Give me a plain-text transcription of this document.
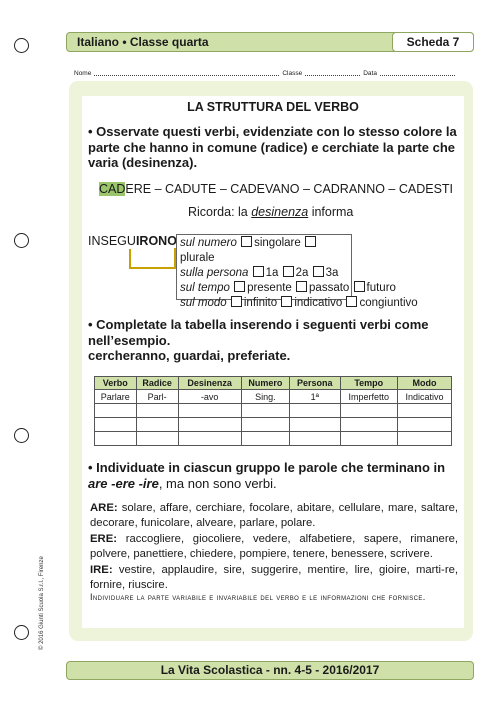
Italiano • Classe quarta	Scheda 7
Nome	Classe	Data
LA STRUTTURA DEL VERBO
• Osservate questi verbi, evidenziate con lo stesso colore la
parte che hanno in comune (radice) e cerchiate la parte che
varia (desinenza).
CADERE – CADUTE – CADEVANO – CADRANNO – CADESTI
Ricorda: la desinenza informa
INSEGUIRONO sul numero singolare plurale
sulla persona 1a 2a 3a
sul tempo presente passato futuro
sul modo infinito indicativo congiuntivo
• Completate la tabella inserendo i seguenti verbi come
nell’esempio.
cercheranno, guardai, preferiate.
Verbo	Radice	Desinenza	Numero	Persona	Tempo	Modo
Parlare	Parl-	-avo	Sing.	1ª	Imperfetto	Indicativo

• Individuate in ciascun gruppo le parole che terminano in
are -ere -ire, ma non sono verbi.
ARE: solare, affare, cerchiare, focolare, abitare, cellulare, mare, saltare, decorare, funicolare, alveare, parlare, polare.
ERE: raccogliere, giocoliere, vedere, alfabetiere, sapere, rimanere, polvere, panettiere, chiedere, pompiere, tenere, benessere, scrivere.
IRE: vestire, applaudire, sire, suggerire, mentire, lire, gioire, marti-re, fornire, riuscire.
Individuare la parte variabile e invariabile del verbo e le informazioni che fornisce.
© 2016 Giunti Scuola S.r.l., Firenze
La Vita Scolastica - nn. 4-5 - 2016/2017
